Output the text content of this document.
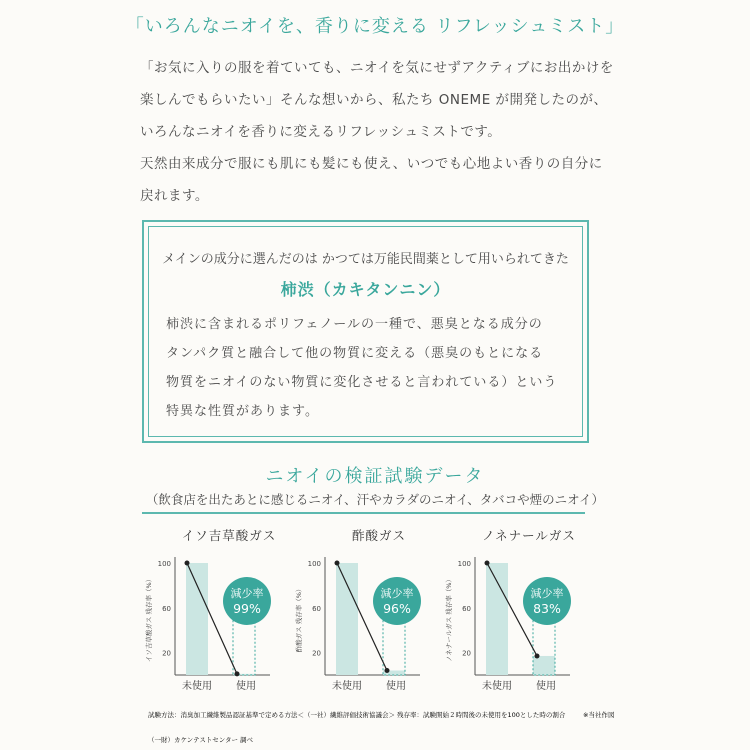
「いろんなニオイを、香りに変える リフレッシュミスト」

「お気に入りの服を着ていても、ニオイを気にせずアクティブにお出かけを

楽しんでもらいたい」そんな想いから、私たち ONEME が開発したのが、

いろんなニオイを香りに変えるリフレッシュミストです。

天然由来成分で服にも肌にも髪にも使え、いつでも心地よい香りの自分に

戻れます。

メインの成分に選んだのは かつては万能民間薬として用いられてきた
柿渋（カキタンニン）

柿渋に含まれるポリフェノールの一種で、悪臭となる成分の

タンパク質と融合して他の物質に変える（悪臭のもとになる

物質をニオイのない物質に変化させると言われている）という

特異な性質があります。

ニオイの検証試験データ
（飲食店を出たあとに感じるニオイ、汗やカラダのニオイ、タバコや煙のニオイ）
イソ吉草酸ガス
イソ吉草酸ガス 残存率（%）
100
60
20
減少率
99%
未使用 使用
酢酸ガス
酢酸ガス 残存率（%）
100
60
20
減少率
96%
未使用 使用
ノネナールガス
ノネナールガス 残存率（%）
100
60
20
減少率
83%
未使用 使用
試験方法：消臭加工繊維製品認証基準で定める方法＜（一社）繊維評価技術協議会＞ 残存率：試験開始２時間後の未使用を100とした時の割合	※当社作図
（一財）カケンテストセンター 調べ
